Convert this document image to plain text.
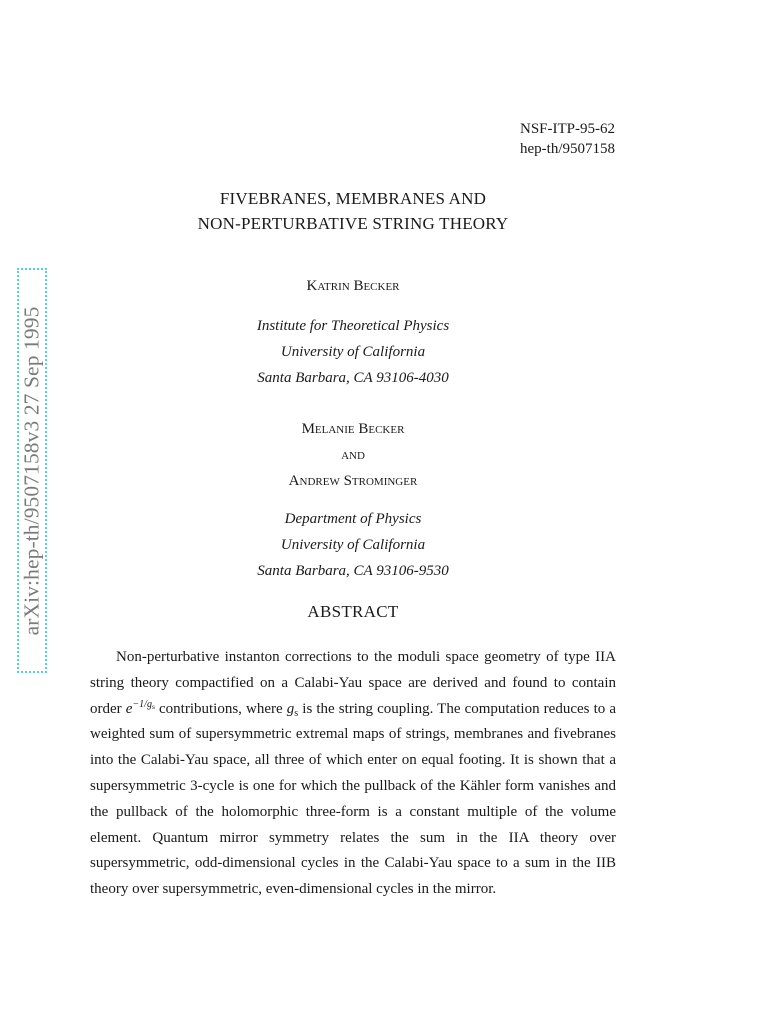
arXiv:hep-th/9507158v3 27 Sep 1995
NSF-ITP-95-62
hep-th/9507158
FIVEBRANES, MEMBRANES AND
NON-PERTURBATIVE STRING THEORY
Katrin Becker
Institute for Theoretical Physics
University of California
Santa Barbara, CA 93106-4030
Melanie Becker
and
Andrew Strominger
Department of Physics
University of California
Santa Barbara, CA 93106-9530
ABSTRACT
Non-perturbative instanton corrections to the moduli space geometry of type IIA string theory compactified on a Calabi-Yau space are derived and found to contain order $e^{-1/g_s}$ contributions, where $g_s$ is the string coupling. The computation reduces to a weighted sum of supersymmetric extremal maps of strings, membranes and fivebranes into the Calabi-Yau space, all three of which enter on equal footing. It is shown that a supersymmetric 3-cycle is one for which the pullback of the Kähler form vanishes and the pullback of the holomorphic three-form is a constant multiple of the volume element. Quantum mirror symmetry relates the sum in the IIA theory over supersymmetric, odd-dimensional cycles in the Calabi-Yau space to a sum in the IIB theory over supersymmetric, even-dimensional cycles in the mirror.
